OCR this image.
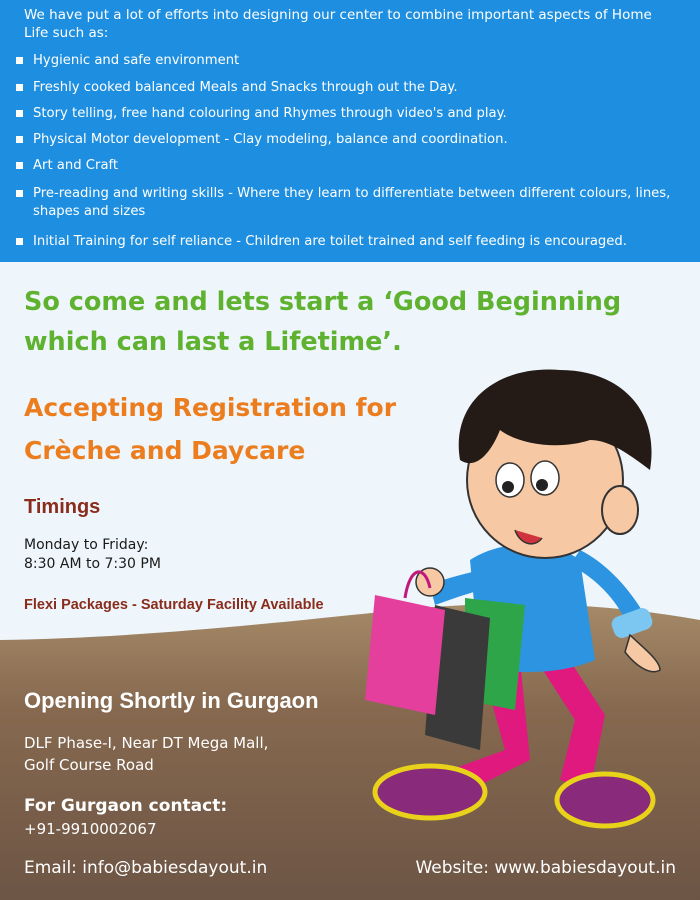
We have put a lot of efforts into designing our center to combine important aspects of Home Life such as:

Hygienic and safe environment
Freshly cooked balanced Meals and Snacks through out the Day.
Story telling, free hand colouring and Rhymes through video's and play.
Physical Motor development - Clay modeling, balance and coordination.
Art and Craft
Pre-reading and writing skills - Where they learn to differentiate between different colours, lines, shapes and sizes
Initial Training for self reliance - Children are toilet trained and self feeding is encouraged.

So come and lets start a ‘Good Beginning which can last a Lifetime’.

Accepting Registration for Crèche and Daycare

Timings

Monday to Friday:
8:30 AM to 7:30 PM

Flexi Packages - Saturday Facility Available

Opening Shortly in Gurgaon

DLF Phase-I, Near DT Mega Mall,
Golf Course Road

For Gurgaon contact:

+91-9910002067
Email: info@babiesdayout.in	Website: www.babiesdayout.in
